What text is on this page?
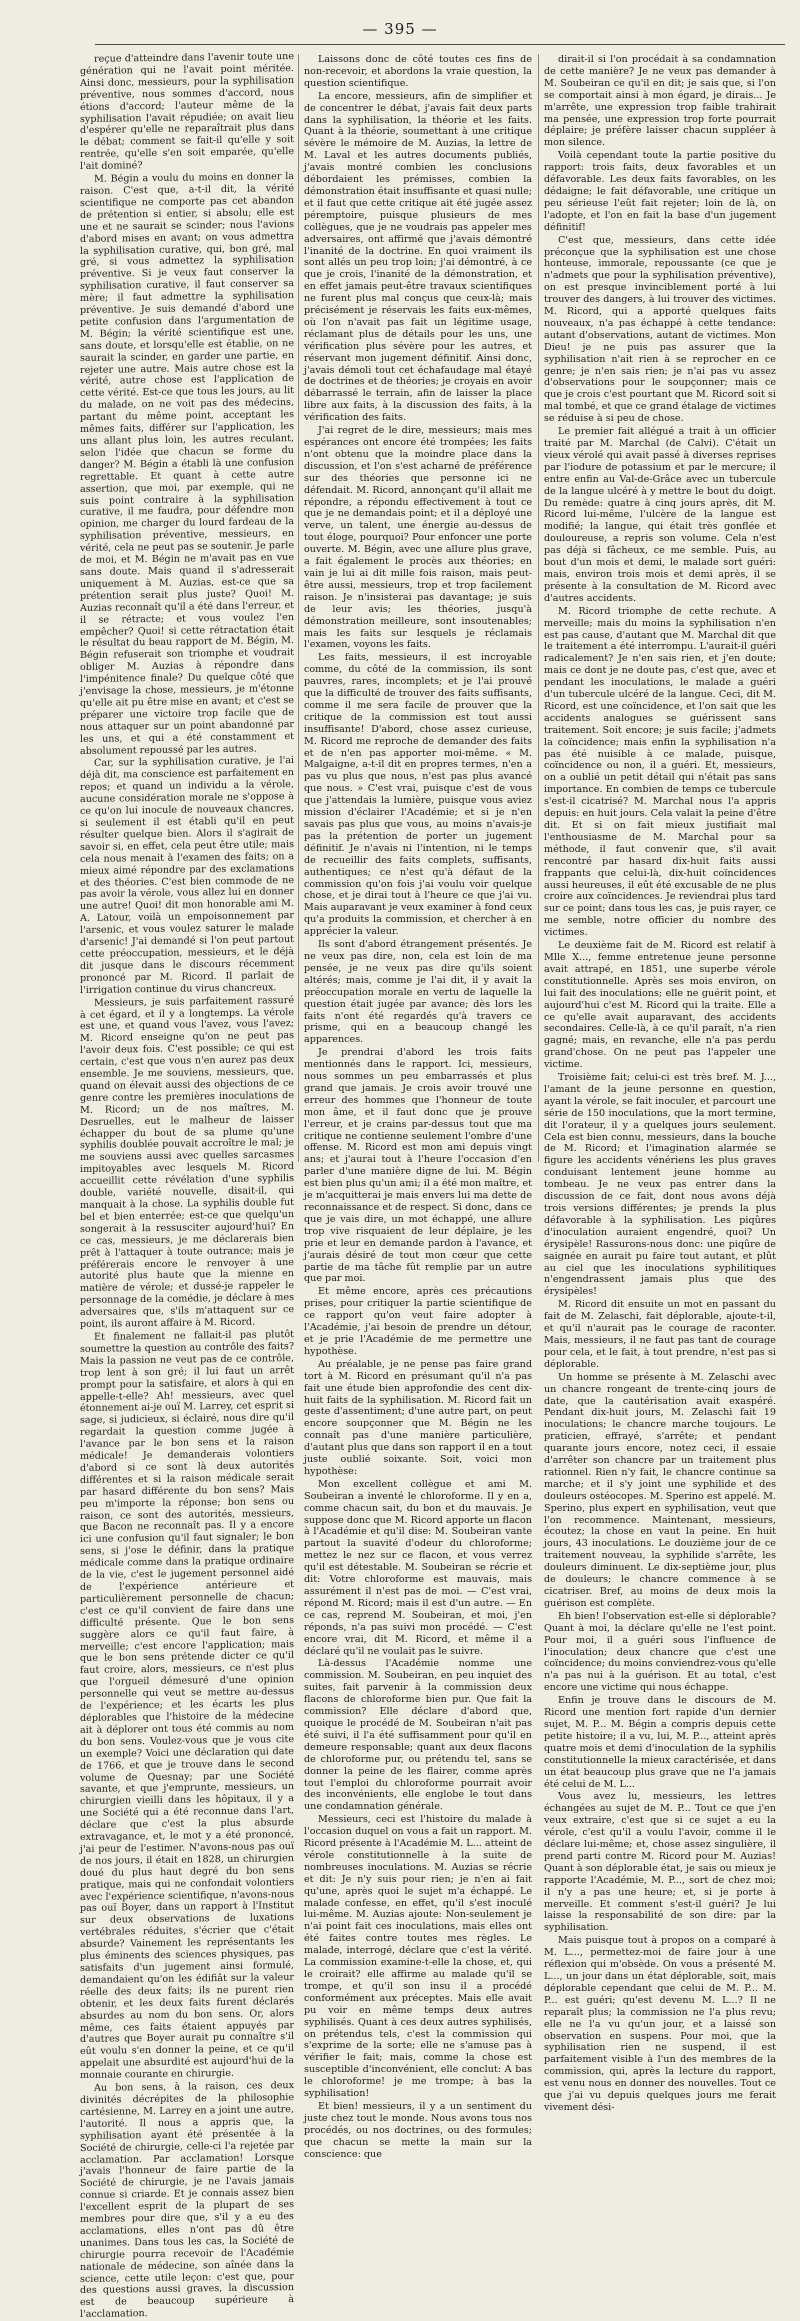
— 395 —

reçue d'atteindre dans l'avenir toute une génération qui ne l'avait point méritée. Ainsi donc, messieurs, pour la syphilisation préventive, nous sommes d'accord, nous étions d'accord; l'auteur même de la syphilisation l'avait répudiée; on avait lieu d'espérer qu'elle ne reparaîtrait plus dans le débat; comment se fait-il qu'elle y soit rentrée, qu'elle s'en soit emparée, qu'elle l'ait dominé?

M. Bégin a voulu du moins en donner la raison. C'est que, a-t-il dit, la vérité scientifique ne comporte pas cet abandon de prétention si entier, si absolu; elle est une et ne saurait se scinder; nous l'avions d'abord mises en avant; on vous admettra la syphilisation curative, qui, bon gré, mal gré, si vous admettez la syphilisation préventive. Si je veux faut conserver la syphilisation curative, il faut conserver sa mère; il faut admettre la syphilisation préventive. Je suis demandé d'abord une petite confusion dans l'argumentation de M. Bégin; la vérité scientifique est une, sans doute, et lorsqu'elle est établie, on ne saurait la scinder, en garder une partie, en rejeter une autre. Mais autre chose est la vérité, autre chose est l'application de cette vérité. Est-ce que tous les jours, au lit du malade, on ne voit pas des médecins, partant du même point, acceptant les mêmes faits, différer sur l'application, les uns allant plus loin, les autres reculant, selon l'idée que chacun se forme du danger? M. Bégin a établi là une confusion regrettable. Et quant à cette autre assertion, que moi, par exemple, qui ne suis point contraire à la syphilisation curative, il me faudra, pour défendre mon opinion, me charger du lourd fardeau de la syphilisation préventive, messieurs, en vérité, cela ne peut pas se soutenir. Je parle de moi, et M. Bégin ne m'avait pas en vue sans doute. Mais quand il s'adresserait uniquement à M. Auzias, est-ce que sa prétention serait plus juste? Quoi! M. Auzias reconnaît qu'il a été dans l'erreur, et il se rétracte; et vous voulez l'en empêcher? Quoi! si cette rétractation était le résultat du beau rapport de M. Bégin, M. Bégin refuserait son triomphe et voudrait obliger M. Auzias à répondre dans l'impénitence finale? Du quelque côté que j'envisage la chose, messieurs, je m'étonne qu'elle ait pu être mise en avant; et c'est se préparer une victoire trop facile que de nous attaquer sur un point abandonné par les uns, et qui a été constamment et absolument repoussé par les autres.

Car, sur la syphilisation curative, je l'ai déjà dit, ma conscience est parfaitement en repos; et quand un individu a la vérole, aucune considération morale ne s'oppose à ce qu'on lui inocule de nouveaux chancres, si seulement il est établi qu'il en peut résulter quelque bien. Alors il s'agirait de savoir si, en effet, cela peut être utile; mais cela nous menait à l'examen des faits; on a mieux aimé répondre par des exclamations et des théories. C'est bien commode de ne pas avoir la vérole, vous allez lui en donner une autre! Quoi! dit mon honorable ami M. A. Latour, voilà un empoisonnement par l'arsenic, et vous voulez saturer le malade d'arsenic! J'ai demandé si l'on peut partout cette préoccupation, messieurs, et le déjà dit jusque dans le discours récemment prononcé par M. Ricord. Il parlait de l'irrigation continue du virus chancreux.

Messieurs, je suis parfaitement rassuré à cet égard, et il y a longtemps. La vérole est une, et quand vous l'avez, vous l'avez; M. Ricord enseigne qu'on ne peut pas l'avoir deux fois. C'est possible; ce qui est certain, c'est que vous n'en aurez pas deux ensemble. Je me souviens, messieurs, que, quand on élevait aussi des objections de ce genre contre les premières inoculations de M. Ricord; un de nos maîtres, M. Desruelles, eut le malheur de laisser échapper du bout de sa plume qu'une syphilis doublée pouvait accroître le mal; je me souviens aussi avec quelles sarcasmes impitoyables avec lesquels M. Ricord accueillit cette révélation d'une syphilis double, variété nouvelle, disait-il, qui manquait à la chose. La syphilis double fut bel et bien enterrée; est-ce que quelqu'un songerait à la ressusciter aujourd'hui? En ce cas, messieurs, je me déclarerais bien prêt à l'attaquer à toute outrance; mais je préférerais encore le renvoyer à une autorité plus haute que la mienne en matière de vérole; et dussé-je rappeler le personnage de la comédie, je déclare à mes adversaires que, s'ils m'attaquent sur ce point, ils auront affaire à M. Ricord.

Et finalement ne fallait-il pas plutôt soumettre la question au contrôle des faits? Mais la passion ne veut pas de ce contrôle, trop lent à son gré; il lui faut un arrêt prompt pour la satisfaire, et alors à qui en appelle-t-elle? Ah! messieurs, avec quel étonnement ai-je ouï M. Larrey, cet esprit si sage, si judicieux, si éclairé, nous dire qu'il regardait la question comme jugée à l'avance par le bon sens et la raison médicale! Je demanderais volontiers d'abord si ce sont là deux autorités différentes et si la raison médicale serait par hasard différente du bon sens? Mais peu m'importe la réponse; bon sens ou raison, ce sont des autorités, messieurs, que Bacon ne reconnaît pas. Il y a encore ici une confusion qu'il faut signaler; le bon sens, si j'ose le définir, dans la pratique médicale comme dans la pratique ordinaire de la vie, c'est le jugement personnel aidé de l'expérience antérieure et particulièrement personnelle de chacun; c'est ce qu'il convient de faire dans une difficulté présente. Que le bon sens suggère alors ce qu'il faut faire, à merveille; c'est encore l'application; mais que le bon sens prétende dicter ce qu'il faut croire, alors, messieurs, ce n'est plus que l'orgueil démesuré d'une opinion personnelle qui veut se mettre au-dessus de l'expérience; et les écarts les plus déplorables que l'histoire de la médecine ait à déplorer ont tous été commis au nom du bon sens. Voulez-vous que je vous cite un exemple? Voici une déclaration qui date de 1766, et que je trouve dans le second volume de Quesnay; par une Société savante, et que j'emprunte, messieurs, un chirurgien vieilli dans les hôpitaux, il y a une Société qui a été reconnue dans l'art, déclare que c'est la plus absurde extravagance, et, le mot y a été prononcé, j'ai peur de l'estimer. N'avons-nous pas ouï de nos jours, il était en 1828, un chirurgien doué du plus haut degré du bon sens pratique, mais qui ne confondait volontiers avec l'expérience scientifique, n'avons-nous pas ouï Boyer, dans un rapport à l'Institut sur deux observations de luxations vertébrales réduites, s'écrier que c'était absurde? Vainement les représentants les plus éminents des sciences physiques, pas satisfaits d'un jugement ainsi formulé, demandaient qu'on les édifiât sur la valeur réelle des deux faits; ils ne purent rien obtenir, et les deux faits furent déclarés absurdes au nom du bon sens. Or, alors même, ces faits étaient appuyés par d'autres que Boyer aurait pu connaître s'il eût voulu s'en donner la peine, et ce qu'il appelait une absurdité est aujourd'hui de la monnaie courante en chirurgie.

Au bon sens, à la raison, ces deux divinités décrépites de la philosophie cartésienne, M. Larrey en a joint une autre, l'autorité. Il nous a appris que, la syphilisation ayant été présentée à la Société de chirurgie, celle-ci l'a rejetée par acclamation. Par acclamation! Lorsque j'avais l'honneur de faire partie de la Société de chirurgie, je ne l'avais jamais connue si criarde. Et je connais assez bien l'excellent esprit de la plupart de ses membres pour dire que, s'il y a eu des acclamations, elles n'ont pas dû être unanimes. Dans tous les cas, la Société de chirurgie pourra recevoir de l'Académie nationale de médecine, son aînée dans la science, cette utile leçon: c'est que, pour des questions aussi graves, la discussion est de beaucoup supérieure à l'acclamation.

Laissons donc de côté toutes ces fins de non-recevoir, et abordons la vraie question, la question scientifique.

La encore, messieurs, afin de simplifier et de concentrer le débat, j'avais fait deux parts dans la syphilisation, la théorie et les faits. Quant à la théorie, soumettant à une critique sévère le mémoire de M. Auzias, la lettre de M. Laval et les autres documents publiés, j'avais montré combien les conclusions débordaient les prémisses, combien la démonstration était insuffisante et quasi nulle; et il faut que cette critique ait été jugée assez péremptoire, puisque plusieurs de mes collègues, que je ne voudrais pas appeler mes adversaires, ont affirmé que j'avais démontré l'inanité de la doctrine. En quoi vraiment ils sont allés un peu trop loin; j'ai démontré, à ce que je crois, l'inanité de la démonstration, et en effet jamais peut-être travaux scientifiques ne furent plus mal conçus que ceux-là; mais précisément je réservais les faits eux-mêmes, où l'on n'avait pas fait un légitime usage, réclamant plus de détails pour les uns, une vérification plus sévère pour les autres, et réservant mon jugement définitif. Ainsi donc, j'avais démoli tout cet échafaudage mal étayé de doctrines et de théories; je croyais en avoir débarrassé le terrain, afin de laisser la place libre aux faits, à la discussion des faits, à la vérification des faits.

J'ai regret de le dire, messieurs; mais mes espérances ont encore été trompées; les faits n'ont obtenu que la moindre place dans la discussion, et l'on s'est acharné de préférence sur des théories que personne ici ne défendait. M. Ricord, annonçant qu'il allait me répondre, a répondu effectivement à tout ce que je ne demandais point; et il a déployé une verve, un talent, une énergie au-dessus de tout éloge, pourquoi? Pour enfoncer une porte ouverte. M. Bégin, avec une allure plus grave, a fait également le procès aux théories; en vain je lui ai dit mille fois raison, mais peut-être aussi, messieurs, trop et trop facilement raison. Je n'insisterai pas davantage; je suis de leur avis; les théories, jusqu'à démonstration meilleure, sont insoutenables; mais les faits sur lesquels je réclamais l'examen, voyons les faits.

Les faits, messieurs, il est incroyable comme, du côté de la commission, ils sont pauvres, rares, incomplets; et je l'ai prouvé que la difficulté de trouver des faits suffisants, comme il me sera facile de prouver que la critique de la commission est tout aussi insuffisante! D'abord, chose assez curieuse, M. Ricord me reproche de demander des faits et de n'en pas apporter moi-même. « M. Malgaigne, a-t-il dit en propres termes, n'en a pas vu plus que nous, n'est pas plus avancé que nous. » C'est vrai, puisque c'est de vous que j'attendais la lumière, puisque vous aviez mission d'éclairer l'Académie; et si je n'en savais pas plus que vous, au moins n'avais-je pas la prétention de porter un jugement définitif. Je n'avais ni l'intention, ni le temps de recueillir des faits complets, suffisants, authentiques; ce n'est qu'à défaut de la commission qu'on fois j'ai voulu voir quelque chose, et je dirai tout à l'heure ce que j'ai vu. Mais auparavant je veux examiner à fond ceux qu'a produits la commission, et chercher à en apprécier la valeur.

Ils sont d'abord étrangement présentés. Je ne veux pas dire, non, cela est loin de ma pensée, je ne veux pas dire qu'ils soient altérés; mais, comme je l'ai dit, il y avait la préoccupation morale en vertu de laquelle la question était jugée par avance; dès lors les faits n'ont été regardés qu'à travers ce prisme, qui en a beaucoup changé les apparences.

Je prendrai d'abord les trois faits mentionnés dans le rapport. Ici, messieurs, nous sommes un peu embarrassés et plus grand que jamais. Je crois avoir trouvé une erreur des hommes que l'honneur de toute mon âme, et il faut donc que je prouve l'erreur, et je crains par-dessus tout que ma critique ne contienne seulement l'ombre d'une offense. M. Ricord est mon ami depuis vingt ans; et j'aurai tout à l'heure l'occasion d'en parler d'une manière digne de lui. M. Bégin est bien plus qu'un ami; il a été mon maître, et je m'acquitterai je mais envers lui ma dette de reconnaissance et de respect. Si donc, dans ce que je vais dire, un mot échappé, une allure trop vive risquaient de leur déplaire, je les prie et leur en demande pardon à l'avance, et j'aurais désiré de tout mon cœur que cette partie de ma tâche fût remplie par un autre que par moi.

Et même encore, après ces précautions prises, pour critiquer la partie scientifique de ce rapport qu'on veut faire adopter à l'Académie, j'ai besoin de prendre un détour, et je prie l'Académie de me permettre une hypothèse.

Au préalable, je ne pense pas faire grand tort à M. Ricord en présumant qu'il n'a pas fait une étude bien approfondie des cent dix-huit faits de la syphilisation. M. Ricord fait un geste d'assentiment; d'une autre part, on peut encore soupçonner que M. Bégin ne les connaît pas d'une manière particulière, d'autant plus que dans son rapport il en a tout juste oublié soixante. Soit, voici mon hypothèse:

Mon excellent collègue et ami M. Soubeiran a inventé le chloroforme. Il y en a, comme chacun sait, du bon et du mauvais. Je suppose donc que M. Ricord apporte un flacon à l'Académie et qu'il dise: M. Soubeiran vante partout la suavité d'odeur du chloroforme; mettez le nez sur ce flacon, et vous verrez qu'il est détestable. M. Soubeiran se récrie et dit: Votre chloroforme est mauvais, mais assurément il n'est pas de moi. — C'est vrai, répond M. Ricord; mais il est d'un autre. — En ce cas, reprend M. Soubeiran, et moi, j'en réponds, n'a pas suivi mon procédé. — C'est encore vrai, dit M. Ricord, et même il a déclaré qu'il ne voulait pas le suivre.

Là-dessus l'Académie nomme une commission. M. Soubeiran, en peu inquiet des suites, fait parvenir à la commission deux flacons de chloroforme bien pur. Que fait la commission? Elle déclare d'abord que, quoique le procédé de M. Soubeiran n'ait pas été suivi, il l'a été suffisamment pour qu'il en demeure responsable; quant aux deux flacons de chloroforme pur, ou prétendu tel, sans se donner la peine de les flairer, comme après tout l'emploi du chloroforme pourrait avoir des inconvénients, elle englobe le tout dans une condamnation générale.

Messieurs, ceci est l'histoire du malade à l'occasion duquel on vous a fait un rapport. M. Ricord présente à l'Académie M. L... atteint de vérole constitutionnelle à la suite de nombreuses inoculations. M. Auzias se récrie et dit: Je n'y suis pour rien; je n'en ai fait qu'une, après quoi le sujet m'a échappé. Le malade confesse, en effet, qu'il s'est inoculé lui-même. M. Auzias ajoute: Non-seulement je n'ai point fait ces inoculations, mais elles ont été faites contre toutes mes règles. Le malade, interrogé, déclare que c'est la vérité. La commission examine-t-elle la chose, et, qui le croirait? elle affirme au malade qu'il se trompe, et qu'il son insu il a procédé conformément aux préceptes. Mais elle avait pu voir en même temps deux autres syphilisés. Quant à ces deux autres syphilisés, on prétendus tels, c'est la commission qui s'exprime de la sorte; elle ne s'amuse pas à vérifier le fait; mais, comme la chose est susceptible d'inconvénient, elle conclut: A bas le chloroforme! je me trompe; à bas la syphilisation!

Et bien! messieurs, il y a un sentiment du juste chez tout le monde. Nous avons tous nos procédés, ou nos doctrines, ou des formules; que chacun se mette la main sur la conscience: que

dirait-il si l'on procédait à sa condamnation de cette manière? Je ne veux pas demander à M. Soubeiran ce qu'il en dit; je sais que, si l'on se comportait ainsi à mon égard, je dirais... Je m'arrête, une expression trop faible trahirait ma pensée, une expression trop forte pourrait déplaire; je préfère laisser chacun suppléer à mon silence.

Voilà cependant toute la partie positive du rapport: trois faits, deux favorables et un défavorable. Les deux faits favorables, on les dédaigne; le fait défavorable, une critique un peu sérieuse l'eût fait rejeter; loin de là, on l'adopte, et l'on en fait la base d'un jugement définitif!

C'est que, messieurs, dans cette idée préconçue que la syphilisation est une chose honteuse, immorale, repoussante (ce que je n'admets que pour la syphilisation préventive), on est presque invinciblement porté à lui trouver des dangers, à lui trouver des victimes. M. Ricord, qui a apporté quelques faits nouveaux, n'a pas échappé à cette tendance: autant d'observations, autant de victimes. Mon Dieu! je ne puis pas assurer que la syphilisation n'ait rien à se reprocher en ce genre; je n'en sais rien; je n'ai pas vu assez d'observations pour le soupçonner; mais ce que je crois c'est pourtant que M. Ricord soit si mal tombé, et que ce grand étalage de victimes se réduise à si peu de chose.

Le premier fait allégué a trait à un officier traité par M. Marchal (de Calvi). C'était un vieux vérolé qui avait passé à diverses reprises par l'iodure de potassium et par le mercure; il entre enfin au Val-de-Grâce avec un tubercule de la langue ulcéré à y mettre le bout du doigt. Du remède: quatre à cinq jours après, dit M. Ricord lui-même, l'ulcère de la langue est modifié; la langue, qui était très gonflée et douloureuse, a repris son volume. Cela n'est pas déjà si fâcheux, ce me semble. Puis, au bout d'un mois et demi, le malade sort guéri: mais, environ trois mois et demi après, il se présente à la consultation de M. Ricord avec d'autres accidents.

M. Ricord triomphe de cette rechute. A merveille; mais du moins la syphilisation n'en est pas cause, d'autant que M. Marchal dit que le traitement a été interrompu. L'aurait-il guéri radicalement? Je n'en sais rien, et j'en doute; mais ce dont je ne doute pas, c'est que, avec et pendant les inoculations, le malade a guéri d'un tubercule ulcéré de la langue. Ceci, dit M. Ricord, est une coïncidence, et l'on sait que les accidents analogues se guérissent sans traitement. Soit encore; je suis facile; j'admets la coïncidence; mais enfin la syphilisation n'a pas été nuisible à ce malade, puisque, coïncidence ou non, il a guéri. Et, messieurs, on a oublié un petit détail qui n'était pas sans importance. En combien de temps ce tubercule s'est-il cicatrisé? M. Marchal nous l'a appris depuis: en huit jours. Cela valait la peine d'être dit. Et si on fait mieux justifiait mal l'enthousiasme de M. Marchal pour sa méthode, il faut convenir que, s'il avait rencontré par hasard dix-huit faits aussi frappants que celui-là, dix-huit coïncidences aussi heureuses, il eût été excusable de ne plus croire aux coïncidences. Je reviendrai plus tard sur ce point; dans tous les cas, je puis rayer, ce me semble, notre officier du nombre des victimes.

Le deuxième fait de M. Ricord est relatif à Mlle X..., femme entretenue jeune personne avait attrapé, en 1851, une superbe vérole constitutionnelle. Après ses mois environ, on lui fait des inoculations; elle ne guérit point, et aujourd'hui c'est M. Ricord qui la traite. Elle a ce qu'elle avait auparavant, des accidents secondaires. Celle-là, à ce qu'il paraît, n'a rien gagné; mais, en revanche, elle n'a pas perdu grand'chose. On ne peut pas l'appeler une victime.

Troisième fait; celui-ci est très bref. M. J..., l'amant de la jeune personne en question, ayant la vérole, se fait inoculer, et parcourt une série de 150 inoculations, que la mort termine, dit l'orateur, il y a quelques jours seulement. Cela est bien connu, messieurs, dans la bouche de M. Ricord; et l'imagination alarmée se figure les accidents vénériens les plus graves conduisant lentement jeune homme au tombeau. Je ne veux pas entrer dans la discussion de ce fait, dont nous avons déjà trois versions différentes; je prends la plus défavorable à la syphilisation. Les piqûres d'inoculation auraient engendré, quoi? Un érysipèle! Rassurons-nous donc: une piqûre de saignée en aurait pu faire tout autant, et plût au ciel que les inoculations syphilitiques n'engendrassent jamais plus que des érysipèles!

M. Ricord dit ensuite un mot en passant du fait de M. Zelaschi, fait déplorable, ajoute-t-il, et qu'il n'aurait pas le courage de raconter. Mais, messieurs, il ne faut pas tant de courage pour cela, et le fait, à tout prendre, n'est pas si déplorable.

Un homme se présente à M. Zelaschi avec un chancre rongeant de trente-cinq jours de date, que la cautérisation avait exaspéré. Pendant dix-huit jours, M. Zelaschi fait 19 inoculations; le chancre marche toujours. Le praticien, effrayé, s'arrête; et pendant quarante jours encore, notez ceci, il essaie d'arrêter son chancre par un traitement plus rationnel. Rien n'y fait, le chancre continue sa marche; et il s'y joint une syphilide et des douleurs ostéocopes. M. Sperino est appelé. M. Sperino, plus expert en syphilisation, veut que l'on recommence. Maintenant, messieurs, écoutez; la chose en vaut la peine. En huit jours, 43 inoculations. Le douzième jour de ce traitement nouveau, la syphilide s'arrête, les douleurs diminuent. Le dix-septième jour, plus de douleurs; le chancre commence à se cicatriser. Bref, au moins de deux mois la guérison est complète.

Eh bien! l'observation est-elle si déplorable? Quant à moi, la déclare qu'elle ne l'est point. Pour moi, il a guéri sous l'influence de l'inoculation; deux chancre que c'est une coïncidence; du moins conviendrez-vous qu'elle n'a pas nui à la guérison. Et au total, c'est encore une victime qui nous échappe.

Enfin je trouve dans le discours de M. Ricord une mention fort rapide d'un dernier sujet, M. P... M. Bégin a compris depuis cette petite histoire; il a vu, lui, M. P..., atteint après quatre mois et demi d'inoculation de la syphilis constitutionnelle la mieux caractérisée, et dans un état beaucoup plus grave que ne l'a jamais été celui de M. L...

Vous avez lu, messieurs, les lettres échangées au sujet de M. P... Tout ce que j'en veux extraire, c'est que si ce sujet a eu la vérole, c'est qu'il a voulu l'avoir, comme il le déclare lui-même; et, chose assez singulière, il prend parti contre M. Ricord pour M. Auzias! Quant à son déplorable état, je sais ou mieux je rapporte l'Académie, M. P..., sort de chez moi; il n'y a pas une heure; et, si je porte à merveille. Et comment s'est-il guéri? Je lui laisse la responsabilité de son dire: par la syphilisation.

Mais puisque tout à propos on a comparé à M. L..., permettez-moi de faire jour à une réflexion qui m'obsède. On vous a présenté M. L..., un jour dans un état déplorable, soit, mais déplorable cependant que celui de M. P... M. P... est guéri; qu'est devenu M. L...? Il ne reparaît plus; la commission ne l'a plus revu; elle ne l'a vu qu'un jour, et a laissé son observation en suspens. Pour moi, que la syphilisation rien ne suspend, il est parfaitement visible à l'un des membres de la commission, qui, après la lecture du rapport, est venu nous en donner des nouvelles. Tout ce que j'ai vu depuis quelques jours me ferait vivement dési-
